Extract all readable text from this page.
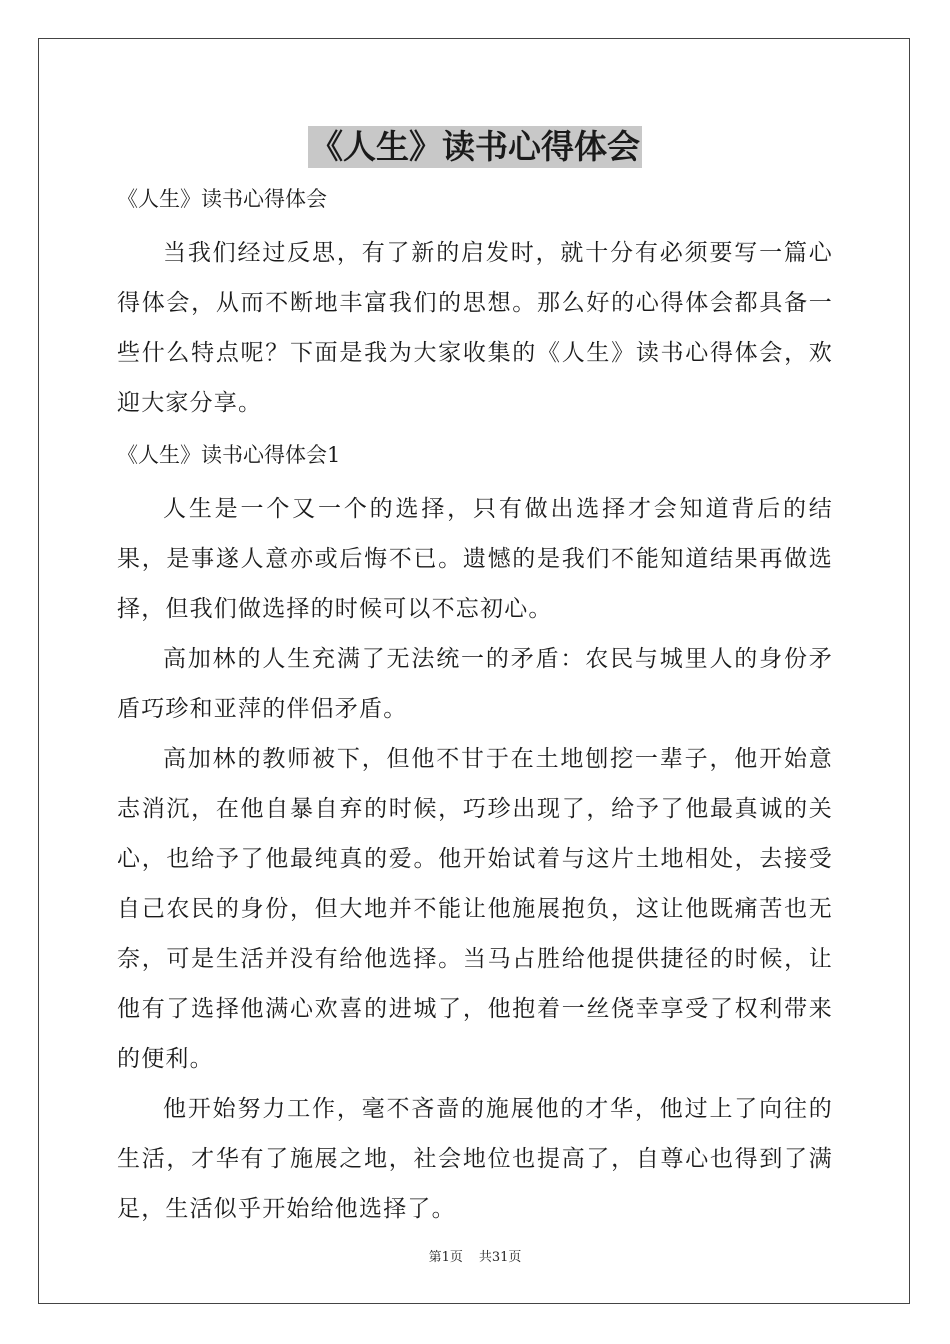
《人生》读书心得体会
《人生》读书心得体会

当我们经过反思，有了新的启发时，就十分有必须要写一篇心得体会，从而不断地丰富我们的思想。那么好的心得体会都具备一些什么特点呢？下面是我为大家收集的《人生》读书心得体会，欢迎大家分享。

《人生》读书心得体会1

人生是一个又一个的选择，只有做出选择才会知道背后的结果，是事遂人意亦或后悔不已。遗憾的是我们不能知道结果再做选择，但我们做选择的时候可以不忘初心。

高加林的人生充满了无法统一的矛盾：农民与城里人的身份矛盾巧珍和亚萍的伴侣矛盾。

高加林的教师被下，但他不甘于在土地刨挖一辈子，他开始意志消沉，在他自暴自弃的时候，巧珍出现了，给予了他最真诚的关心，也给予了他最纯真的爱。他开始试着与这片土地相处，去接受自己农民的身份，但大地并不能让他施展抱负，这让他既痛苦也无奈，可是生活并没有给他选择。当马占胜给他提供捷径的时候，让他有了选择他满心欢喜的进城了，他抱着一丝侥幸享受了权利带来的便利。

他开始努力工作，毫不吝啬的施展他的才华，他过上了向往的生活，才华有了施展之地，社会地位也提高了，自尊心也得到了满足，生活似乎开始给他选择了。

第1页 共31页
